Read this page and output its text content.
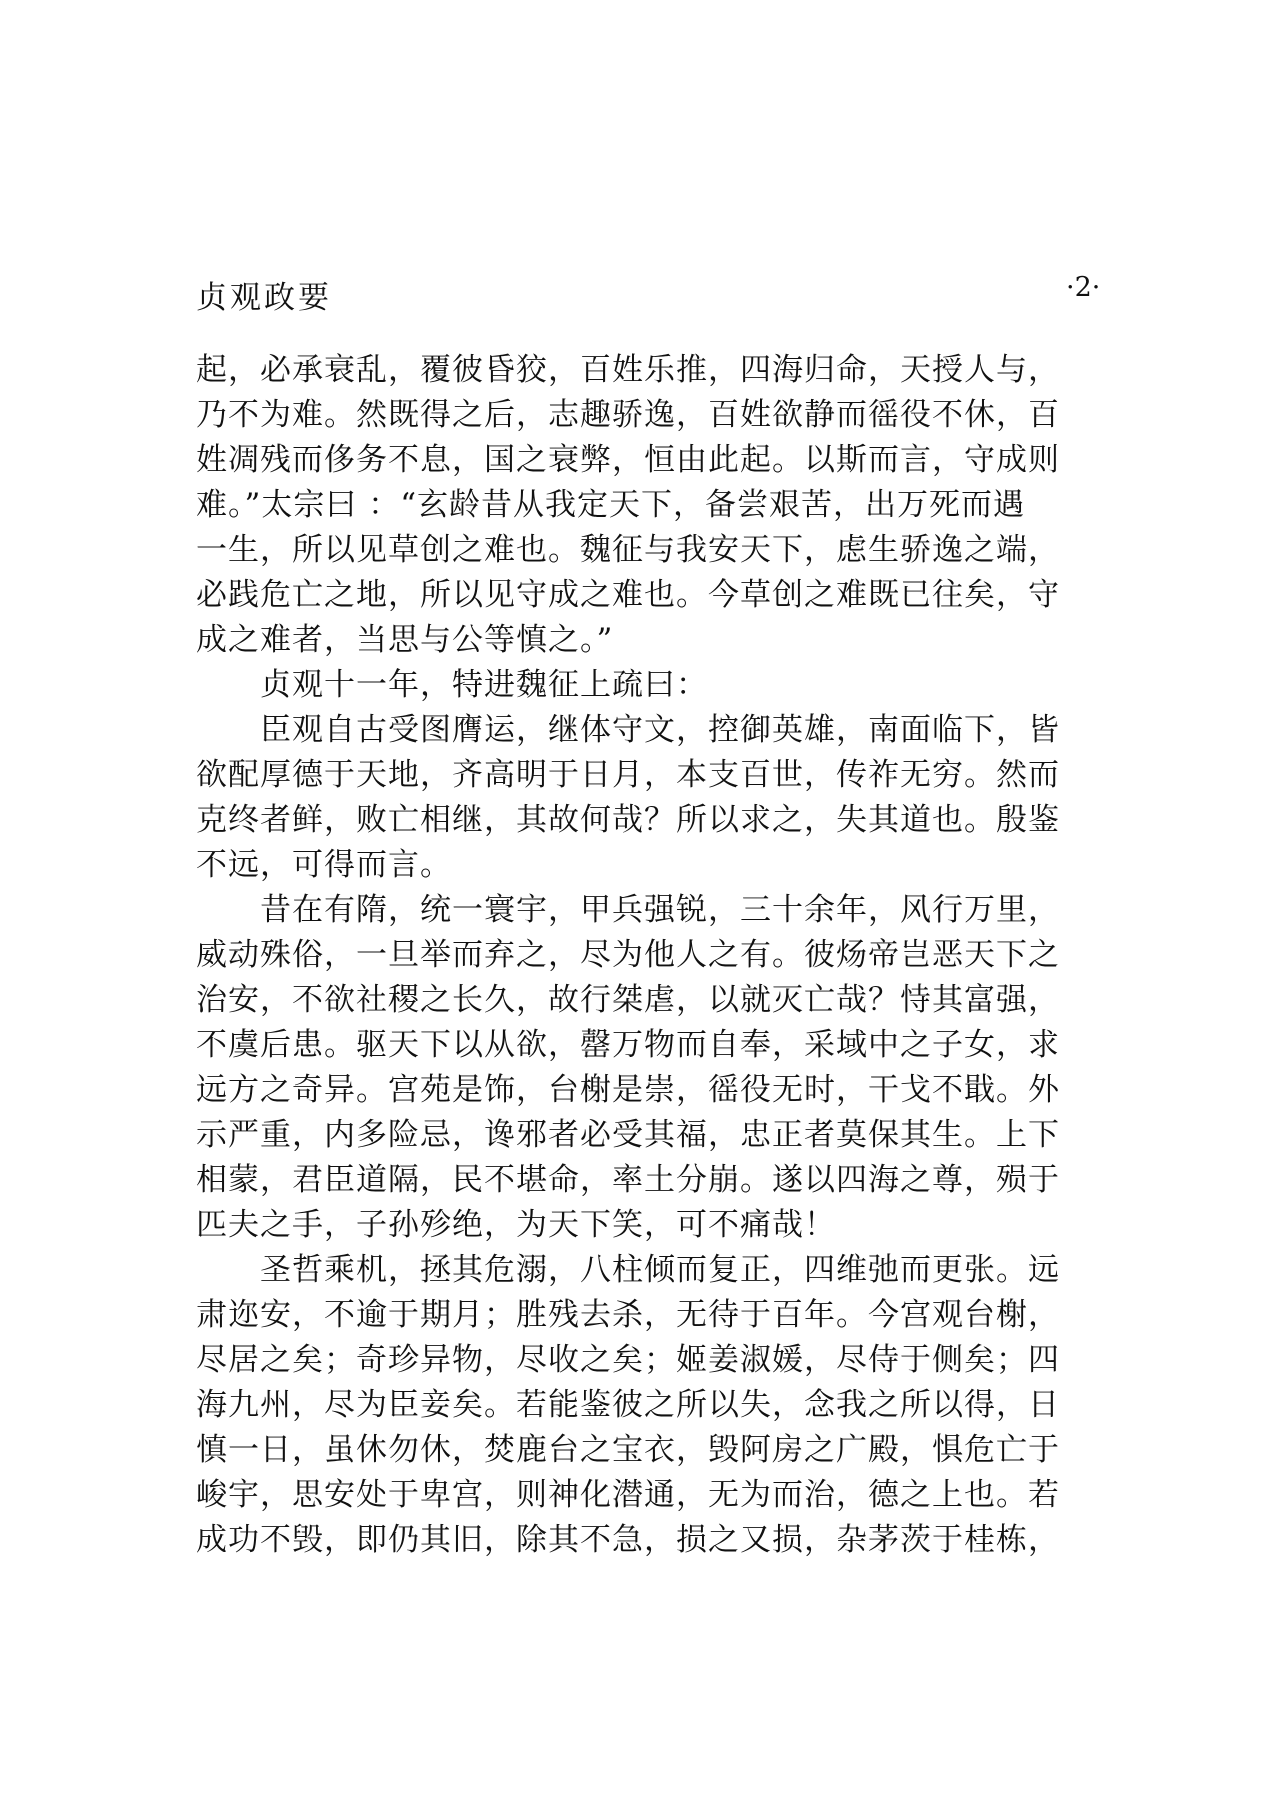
贞观政要	·2·
起，必承衰乱，覆彼昏狡，百姓乐推，四海归命，天授人与，
乃不为难。然既得之后，志趣骄逸，百姓欲静而徭役不休，百
姓凋残而侈务不息，国之衰弊，恒由此起。以斯而言，守成则
难。”太宗曰 ：“玄龄昔从我定天下，备尝艰苦，出万死而遇
一生，所以见草创之难也。魏征与我安天下，虑生骄逸之端，
必践危亡之地，所以见守成之难也。今草创之难既已往矣，守
成之难者，当思与公等慎之。”
贞观十一年，特进魏征上疏曰：
臣观自古受图膺运，继体守文，控御英雄，南面临下，皆
欲配厚德于天地，齐高明于日月，本支百世，传祚无穷。然而
克终者鲜，败亡相继，其故何哉？所以求之，失其道也。殷鉴
不远，可得而言。
昔在有隋，统一寰宇，甲兵强锐，三十余年，风行万里，
威动殊俗，一旦举而弃之，尽为他人之有。彼炀帝岂恶天下之
治安，不欲社稷之长久，故行桀虐，以就灭亡哉？恃其富强，
不虞后患。驱天下以从欲，罄万物而自奉，采域中之子女，求
远方之奇异。宫苑是饰，台榭是崇，徭役无时，干戈不戢。外
示严重，内多险忌，谗邪者必受其福，忠正者莫保其生。上下
相蒙，君臣道隔，民不堪命，率土分崩。遂以四海之尊，殒于
匹夫之手，子孙殄绝，为天下笑，可不痛哉！
圣哲乘机，拯其危溺，八柱倾而复正，四维弛而更张。远
肃迩安，不逾于期月；胜残去杀，无待于百年。今宫观台榭，
尽居之矣；奇珍异物，尽收之矣；姬姜淑媛，尽侍于侧矣；四
海九州，尽为臣妾矣。若能鉴彼之所以失，念我之所以得，日
慎一日，虽休勿休，焚鹿台之宝衣，毁阿房之广殿，惧危亡于
峻宇，思安处于卑宫，则神化潜通，无为而治，德之上也。若
成功不毁，即仍其旧，除其不急，损之又损，杂茅茨于桂栋，
